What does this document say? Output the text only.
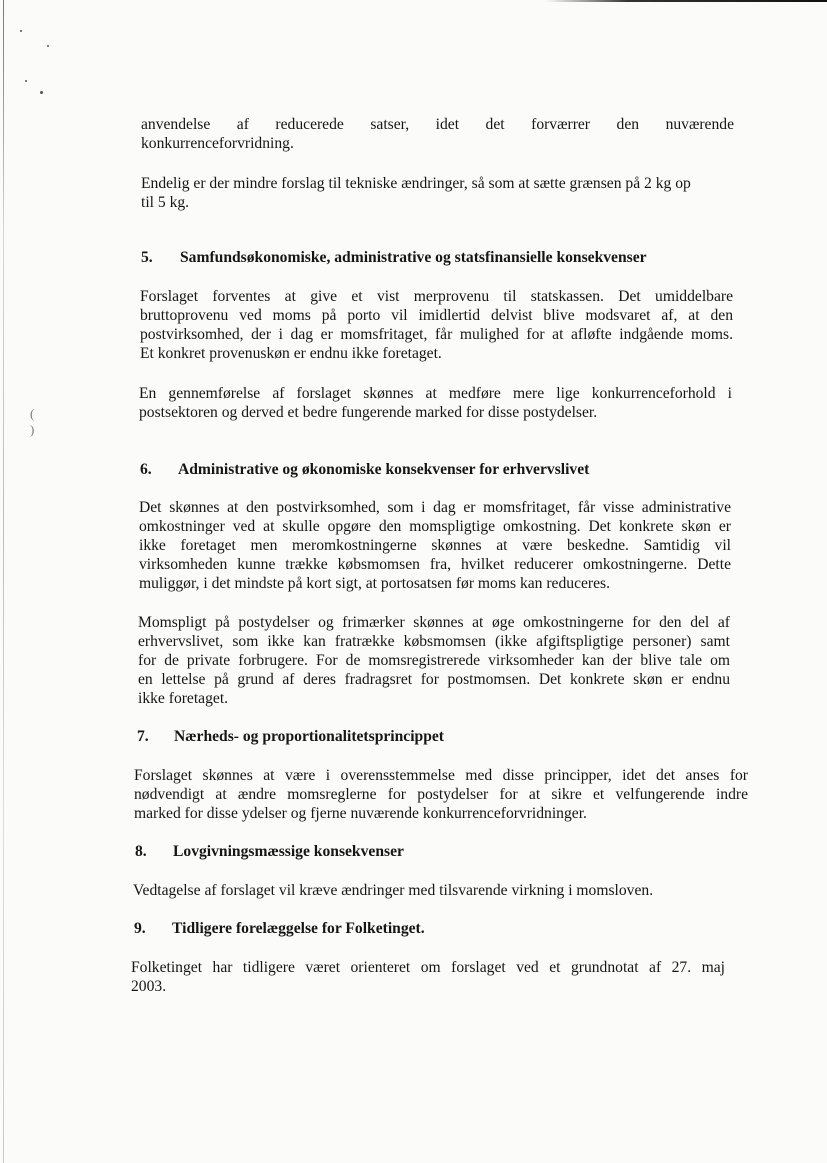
( )
anvendelse af reducerede satser, idet det forværrer den nuværende
konkurrenceforvridning.
Endelig er der mindre forslag til tekniske ændringer, så som at sætte grænsen på 2 kg op
til 5 kg.
5. Samfundsøkonomiske, administrative og statsfinansielle konsekvenser
Forslaget forventes at give et vist merprovenu til statskassen. Det umiddelbare
bruttoprovenu ved moms på porto vil imidlertid delvist blive modsvaret af, at den
postvirksomhed, der i dag er momsfritaget, får mulighed for at afløfte indgående moms.
Et konkret provenuskøn er endnu ikke foretaget.
En gennemførelse af forslaget skønnes at medføre mere lige konkurrenceforhold i
postsektoren og derved et bedre fungerende marked for disse postydelser.
6. Administrative og økonomiske konsekvenser for erhvervslivet
Det skønnes at den postvirksomhed, som i dag er momsfritaget, får visse administrative
omkostninger ved at skulle opgøre den momspligtige omkostning. Det konkrete skøn er
ikke foretaget men meromkostningerne skønnes at være beskedne. Samtidig vil
virksomheden kunne trække købsmomsen fra, hvilket reducerer omkostningerne. Dette
muliggør, i det mindste på kort sigt, at portosatsen før moms kan reduceres.
Momspligt på postydelser og frimærker skønnes at øge omkostningerne for den del af
erhvervslivet, som ikke kan fratrække købsmomsen (ikke afgiftspligtige personer) samt
for de private forbrugere. For de momsregistrerede virksomheder kan der blive tale om
en lettelse på grund af deres fradragsret for postmomsen. Det konkrete skøn er endnu
ikke foretaget.
7. Nærheds- og proportionalitetsprincippet
Forslaget skønnes at være i overensstemmelse med disse principper, idet det anses for
nødvendigt at ændre momsreglerne for postydelser for at sikre et velfungerende indre
marked for disse ydelser og fjerne nuværende konkurrenceforvridninger.
8. Lovgivningsmæssige konsekvenser
Vedtagelse af forslaget vil kræve ændringer med tilsvarende virkning i momsloven.
9. Tidligere forelæggelse for Folketinget.
Folketinget har tidligere været orienteret om forslaget ved et grundnotat af 27. maj
2003.
